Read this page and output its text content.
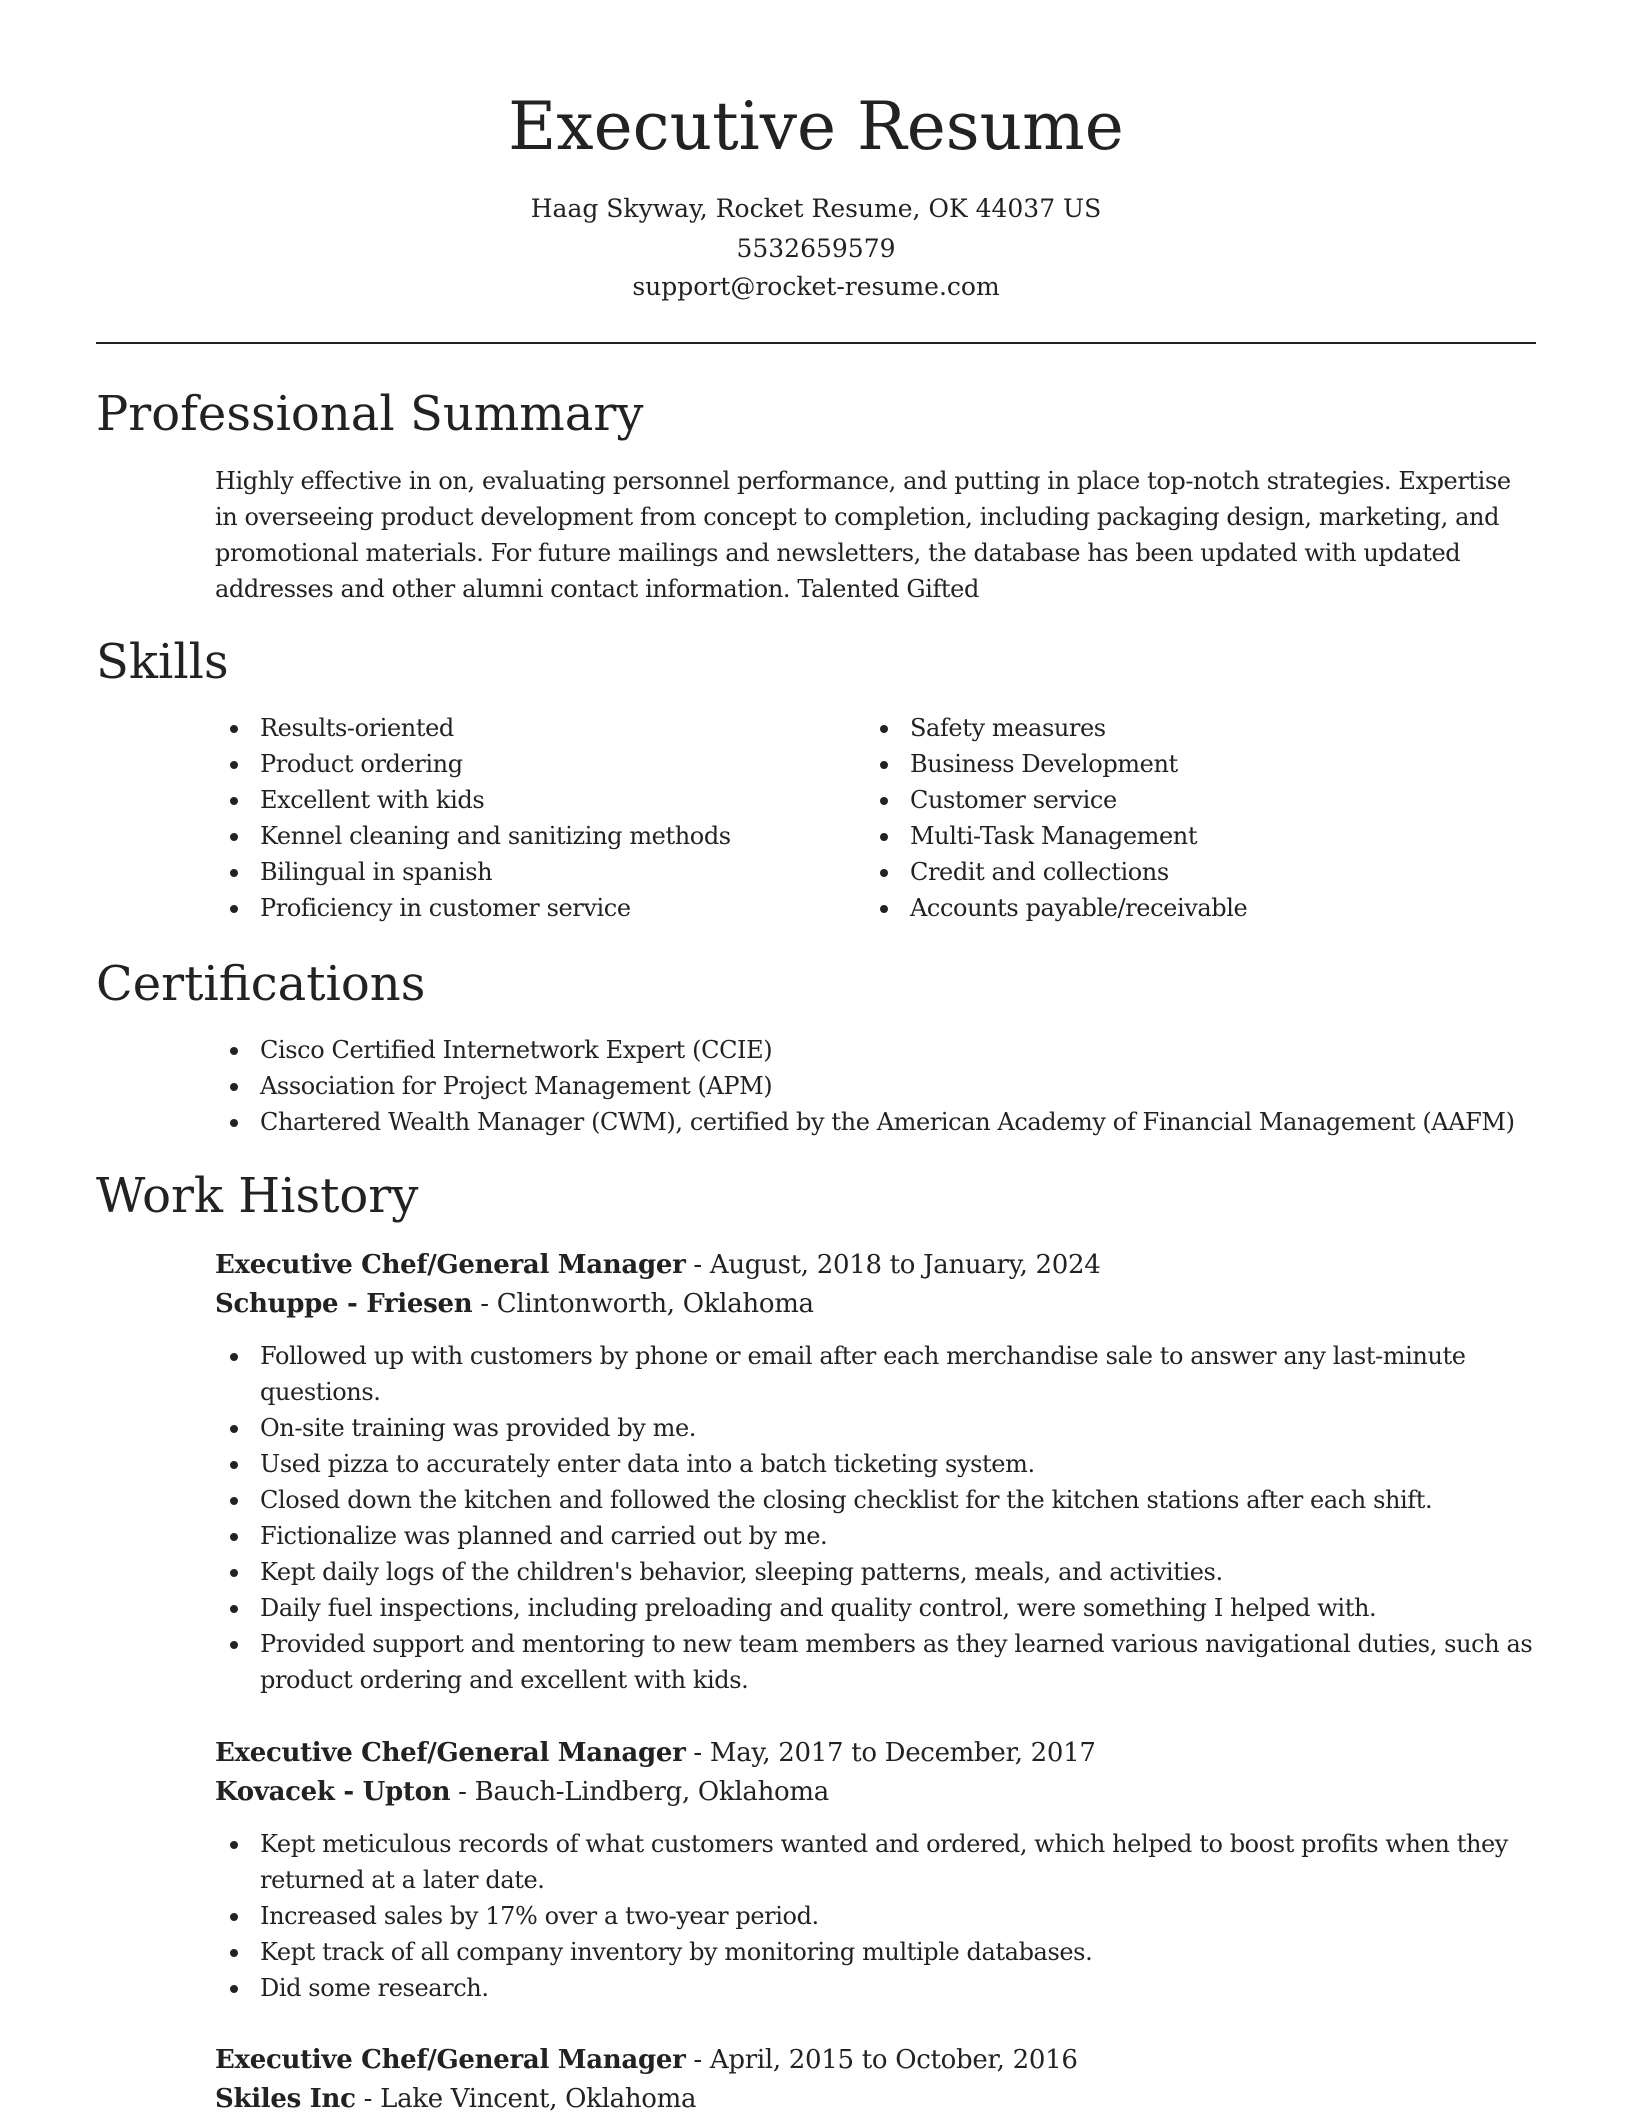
Executive Resume
Haag Skyway, Rocket Resume, OK 44037 US
5532659579
support@rocket-resume.com
Professional Summary

Highly effective in on, evaluating personnel performance, and putting in place top-notch strategies. Expertise in overseeing product development from concept to completion, including packaging design, marketing, and promotional materials. For future mailings and newsletters, the database has been updated with updated addresses and other alumni contact information. Talented Gifted

Skills
Results-oriented
Product ordering
Excellent with kids
Kennel cleaning and sanitizing methods
Bilingual in spanish
Proficiency in customer service
Safety measures
Business Development
Customer service
Multi-Task Management
Credit and collections
Accounts payable/receivable
Certifications
Cisco Certified Internetwork Expert (CCIE)
Association for Project Management (APM)
Chartered Wealth Manager (CWM), certified by the American Academy of Financial Management (AAFM)
Work History
Executive Chef/General Manager - August, 2018 to January, 2024
Schuppe - Friesen - Clintonworth, Oklahoma
Followed up with customers by phone or email after each merchandise sale to answer any last-minute questions.
On-site training was provided by me.
Used pizza to accurately enter data into a batch ticketing system.
Closed down the kitchen and followed the closing checklist for the kitchen stations after each shift.
Fictionalize was planned and carried out by me.
Kept daily logs of the children's behavior, sleeping patterns, meals, and activities.
Daily fuel inspections, including preloading and quality control, were something I helped with.
Provided support and mentoring to new team members as they learned various navigational duties, such as product ordering and excellent with kids.
Executive Chef/General Manager - May, 2017 to December, 2017
Kovacek - Upton - Bauch-Lindberg, Oklahoma
Kept meticulous records of what customers wanted and ordered, which helped to boost profits when they returned at a later date.
Increased sales by 17% over a two-year period.
Kept track of all company inventory by monitoring multiple databases.
Did some research.
Executive Chef/General Manager - April, 2015 to October, 2016
Skiles Inc - Lake Vincent, Oklahoma
